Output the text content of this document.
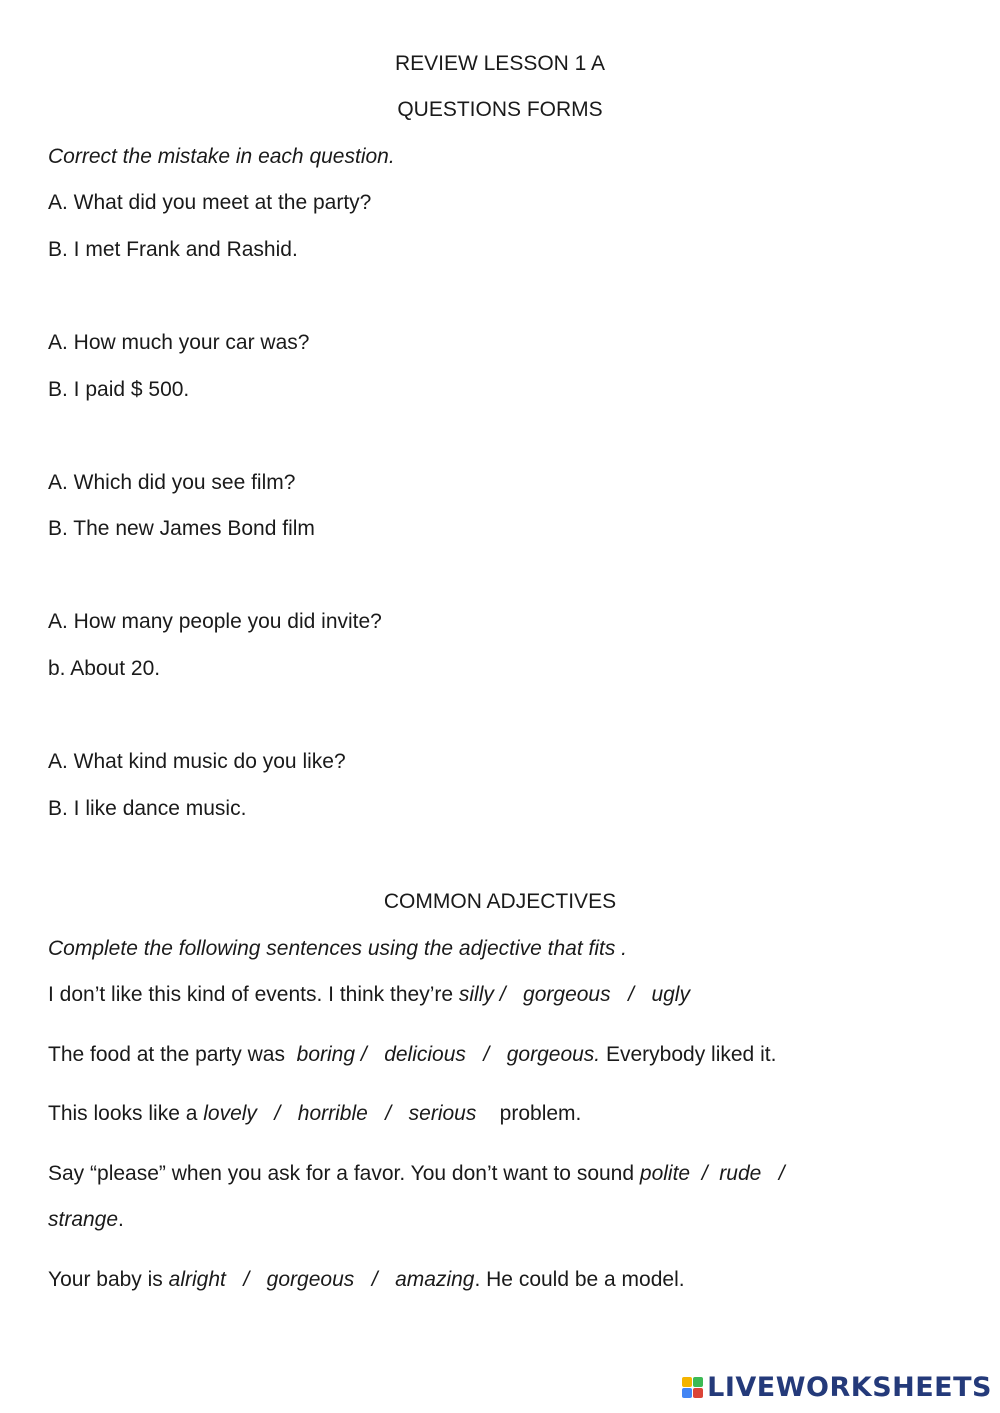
REVIEW LESSON 1 A
QUESTIONS FORMS
Correct the mistake in each question.
A. What did you meet at the party?
B. I met Frank and Rashid.
A. How much your car was?
B. I paid $ 500.
A. Which did you see film?
B. The new James Bond film
A. How many people you did invite?
b. About 20.
A. What kind music do you like?
B. I like dance music.
COMMON ADJECTIVES
Complete the following sentences using the adjective that fits .
I don’t like this kind of events. I think they’re silly /   gorgeous   /   ugly
The food at the party was  boring /   delicious   /   gorgeous. Everybody liked it.
This looks like a lovely   /   horrible   /   serious    problem.
Say “please” when you ask for a favor. You don’t want to sound polite  /  rude   /
strange.
Your baby is alright   /   gorgeous   /   amazing. He could be a model.
LIVEWORKSHEETS
